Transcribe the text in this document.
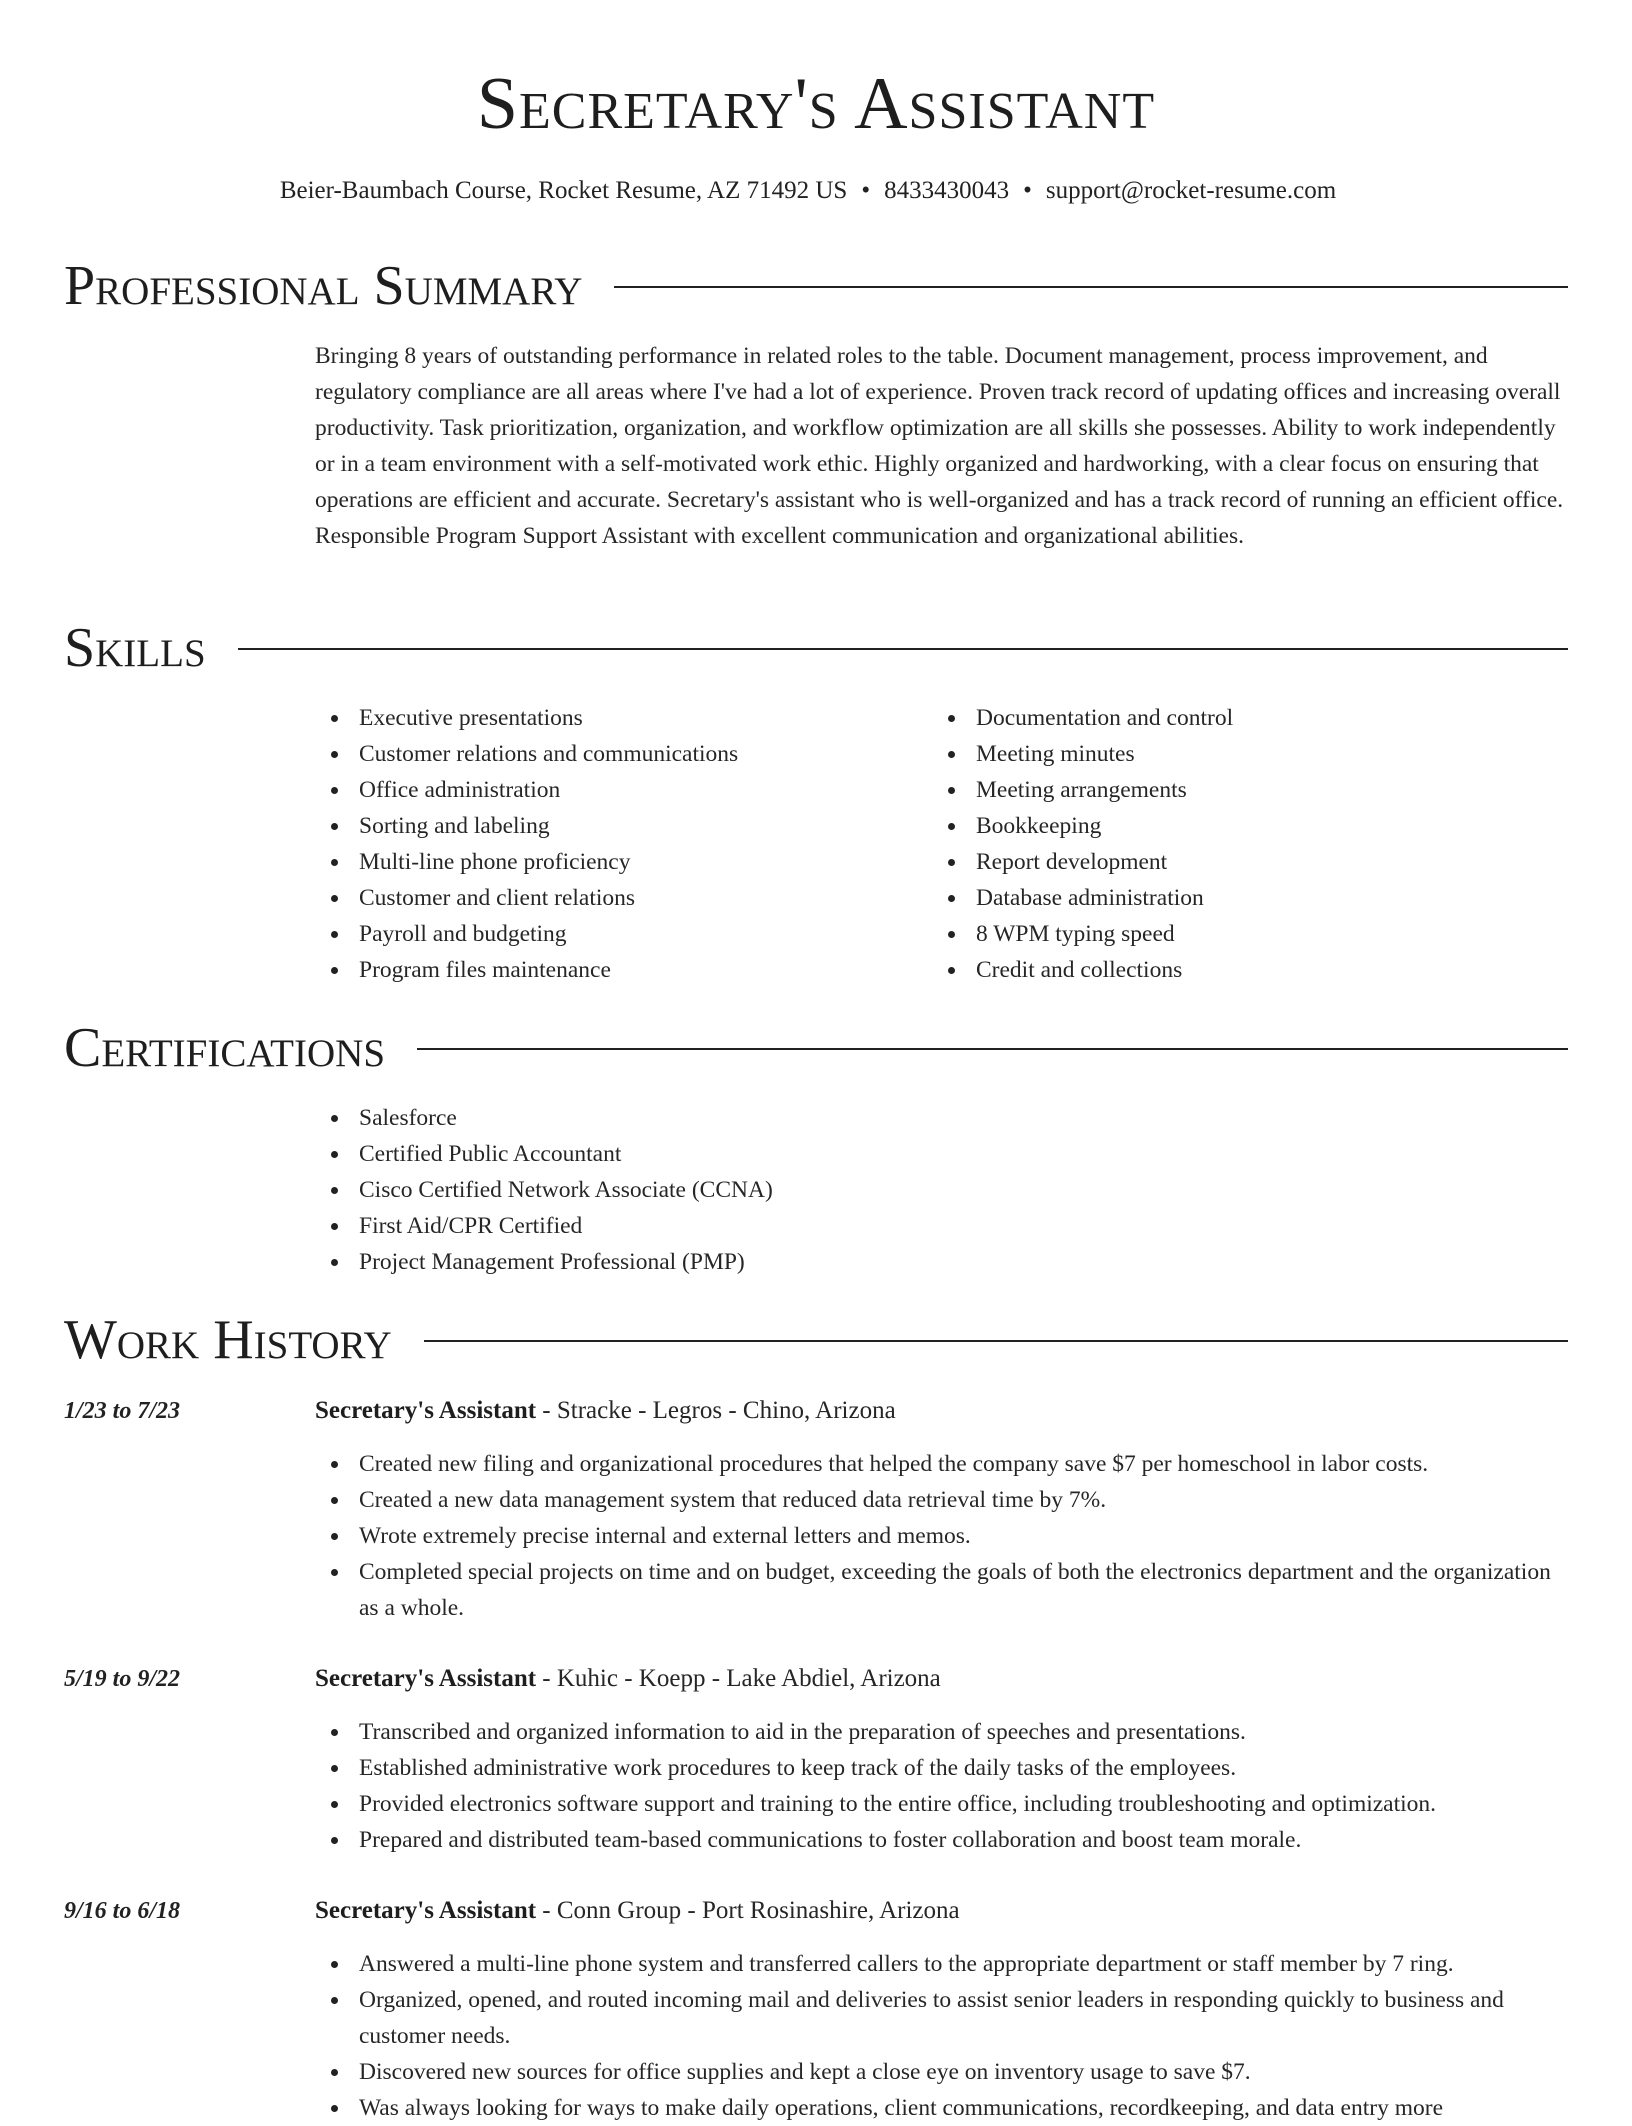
Secretary's Assistant
Beier-Baumbach Course, Rocket Resume, AZ 71492 US • 8433430043 • support@rocket-resume.com
Professional Summary
Bringing 8 years of outstanding performance in related roles to the table. Document management, process improvement, and regulatory compliance are all areas where I've had a lot of experience. Proven track record of updating offices and increasing overall productivity. Task prioritization, organization, and workflow optimization are all skills she possesses. Ability to work independently or in a team environment with a self-motivated work ethic. Highly organized and hardworking, with a clear focus on ensuring that operations are efficient and accurate. Secretary's assistant who is well-organized and has a track record of running an efficient office. Responsible Program Support Assistant with excellent communication and organizational abilities.
Skills
Executive presentations
Customer relations and communications
Office administration
Sorting and labeling
Multi-line phone proficiency
Customer and client relations
Payroll and budgeting
Program files maintenance
Documentation and control
Meeting minutes
Meeting arrangements
Bookkeeping
Report development
Database administration
8 WPM typing speed
Credit and collections
Certifications
Salesforce
Certified Public Accountant
Cisco Certified Network Associate (CCNA)
First Aid/CPR Certified
Project Management Professional (PMP)
Work History
1/23 to 7/23	Secretary's Assistant - Stracke - Legros - Chino, Arizona
Created new filing and organizational procedures that helped the company save $7 per homeschool in labor costs.
Created a new data management system that reduced data retrieval time by 7%.
Wrote extremely precise internal and external letters and memos.
Completed special projects on time and on budget, exceeding the goals of both the electronics department and the organization as a whole.
5/19 to 9/22	Secretary's Assistant - Kuhic - Koepp - Lake Abdiel, Arizona
Transcribed and organized information to aid in the preparation of speeches and presentations.
Established administrative work procedures to keep track of the daily tasks of the employees.
Provided electronics software support and training to the entire office, including troubleshooting and optimization.
Prepared and distributed team-based communications to foster collaboration and boost team morale.
9/16 to 6/18	Secretary's Assistant - Conn Group - Port Rosinashire, Arizona
Answered a multi-line phone system and transferred callers to the appropriate department or staff member by 7 ring.
Organized, opened, and routed incoming mail and deliveries to assist senior leaders in responding quickly to business and customer needs.
Discovered new sources for office supplies and kept a close eye on inventory usage to save $7.
Was always looking for ways to make daily operations, client communications, recordkeeping, and data entry more
